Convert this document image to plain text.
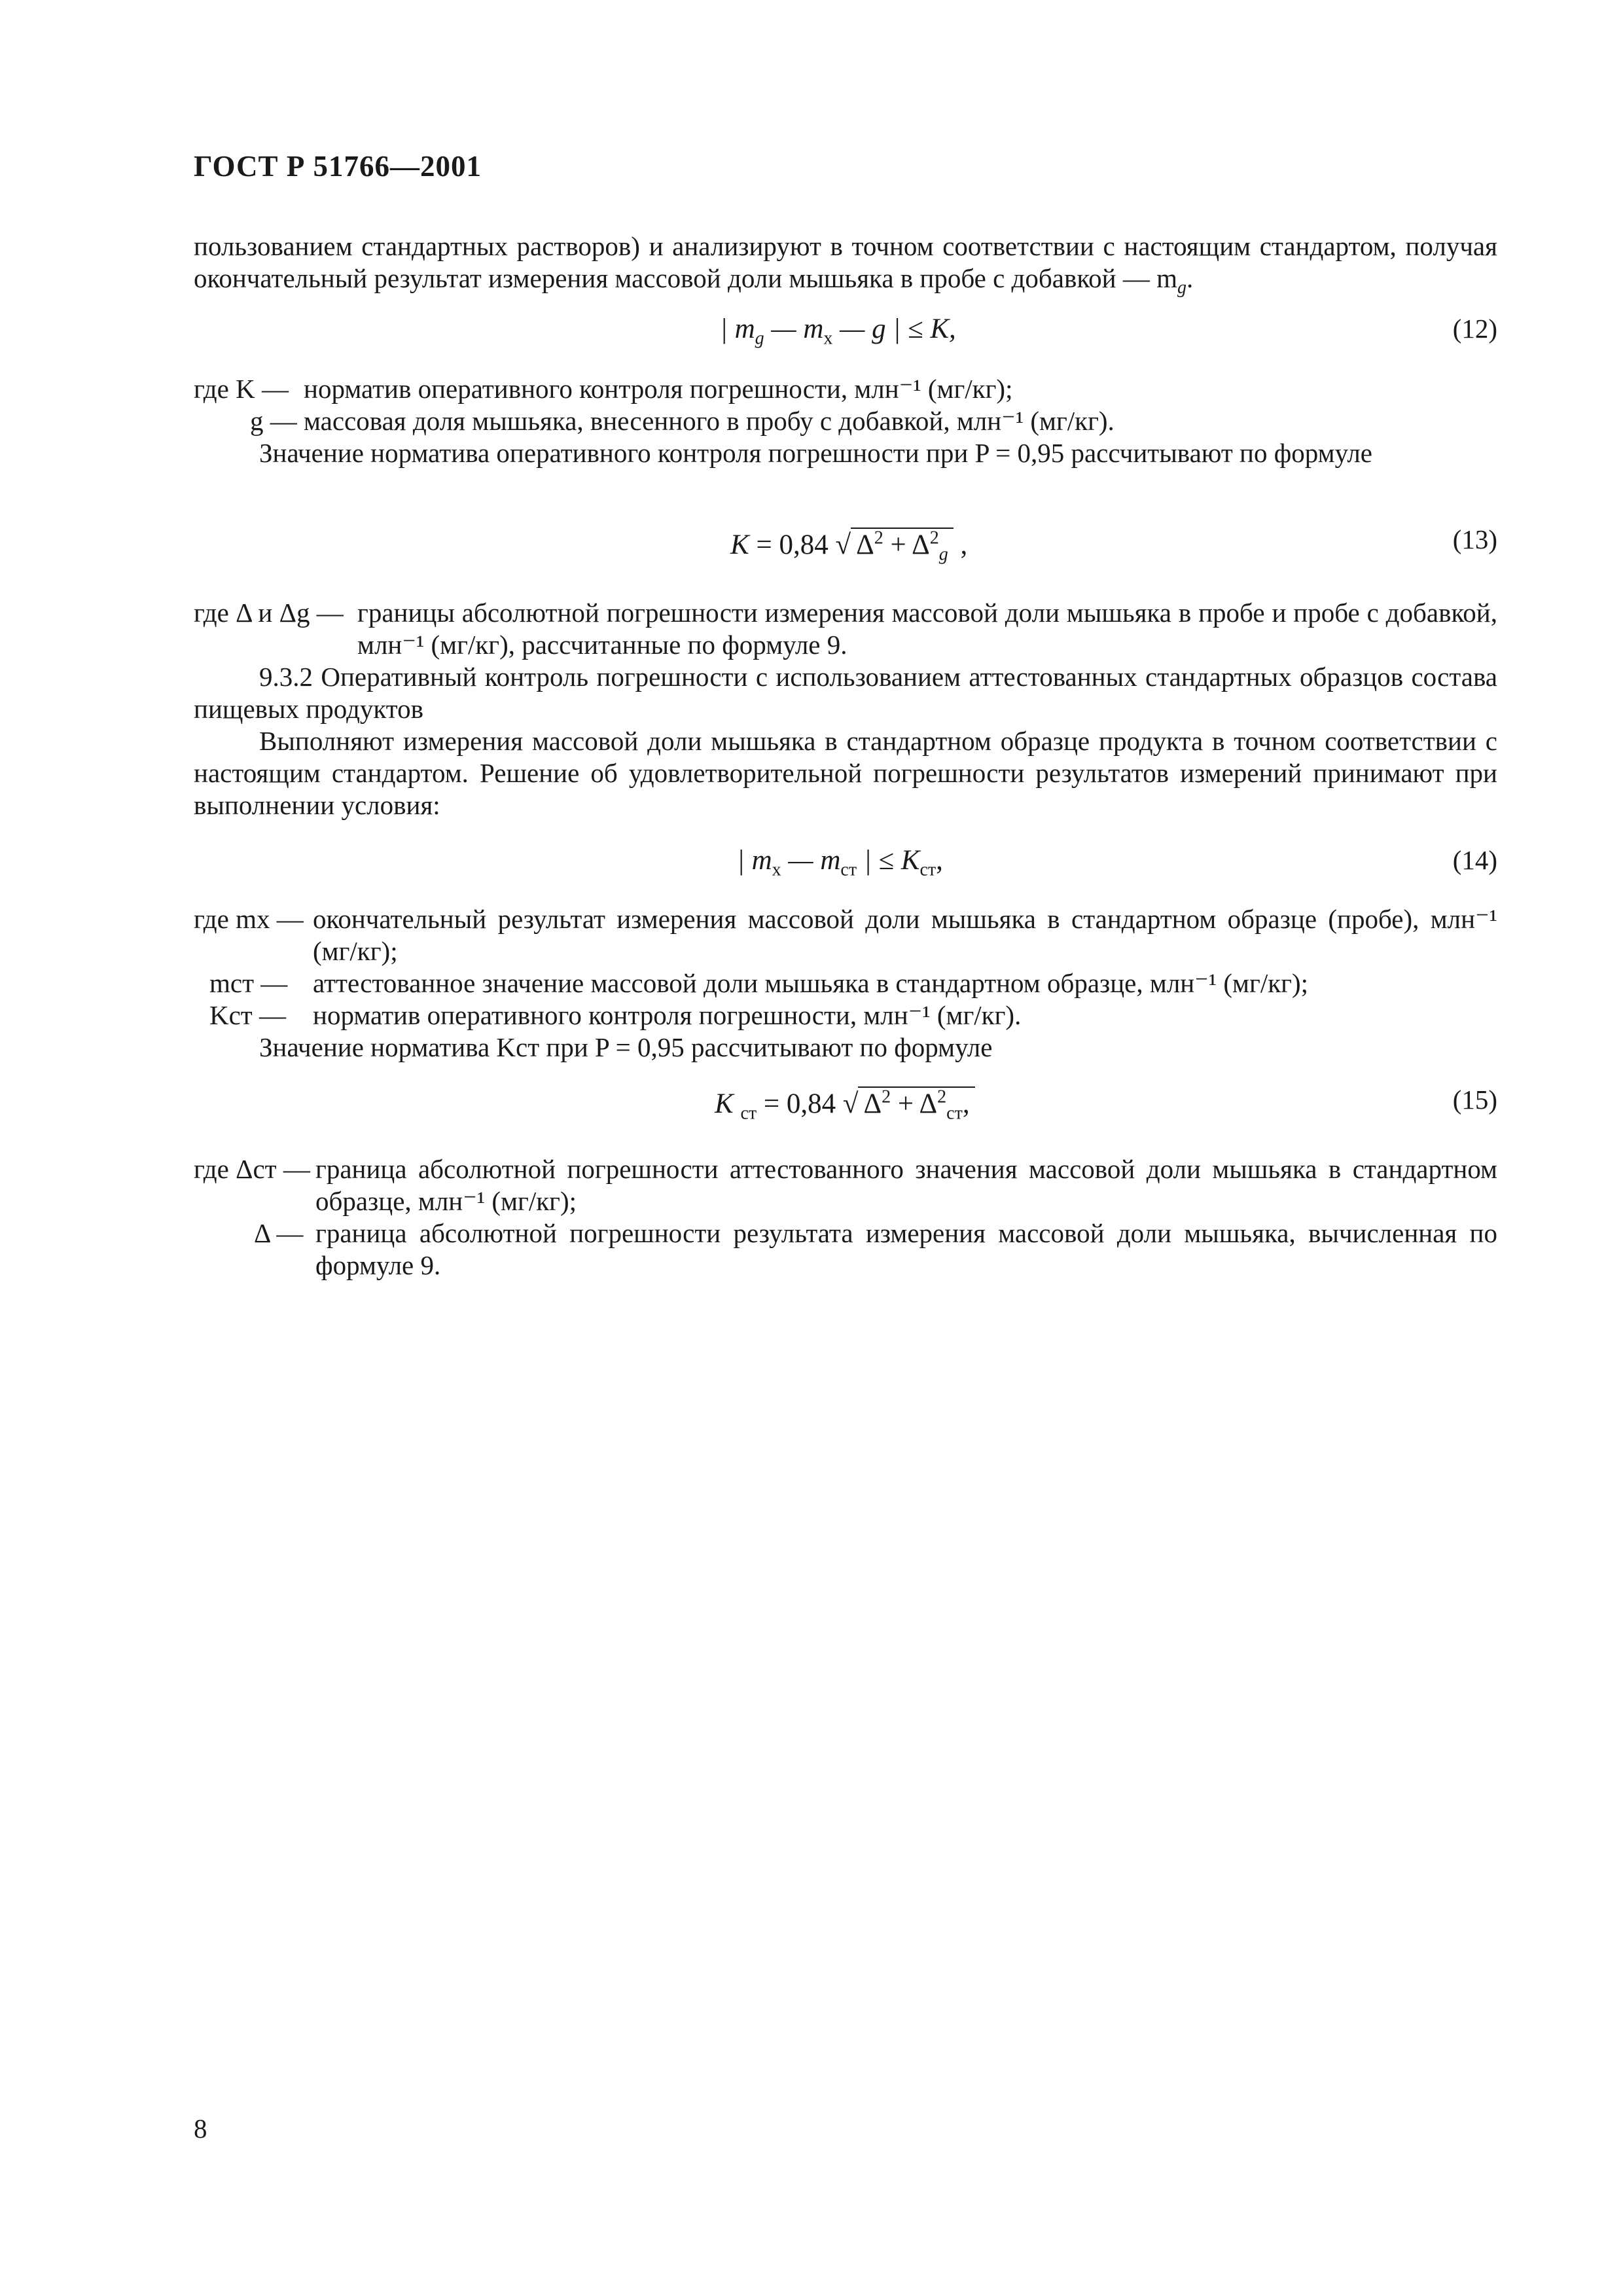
ГОСТ Р 51766—2001
пользованием стандартных растворов) и анализируют в точном соответствии с настоящим стандартом, получая окончательный результат измерения массовой доли мышьяка в пробе с добавкой — $m_g$.
| $m_g$ — $m_х$ — g | ≤ K,	(12)
где K — норматив оперативного контроля погрешности, млн⁻¹ (мг/кг);
g — массовая доля мышьяка, внесенного в пробу с добавкой, млн⁻¹ (мг/кг).
Значение норматива оперативного контроля погрешности при P = 0,95 рассчитывают по формуле
K = 0,84 √ $\Delta^2 + \Delta^2_g$ ,	(13)
где Δ и Δg — границы абсолютной погрешности измерения массовой доли мышьяка в пробе и пробе с добавкой, млн⁻¹ (мг/кг), рассчитанные по формуле 9.
9.3.2 Оперативный контроль погрешности с использованием аттестованных стандартных образцов состава пищевых продуктов
Выполняют измерения массовой доли мышьяка в стандартном образце продукта в точном соответствии с настоящим стандартом. Решение об удовлетворительной погрешности результатов измерений принимают при выполнении условия:
| $m_х$ — $m_{ст}$ | ≤ $K_{ст}$,	(14)
где mx — окончательный результат измерения массовой доли мышьяка в стандартном образце (пробе), млн⁻¹ (мг/кг);
mст — аттестованное значение массовой доли мышьяка в стандартном образце, млн⁻¹ (мг/кг);
Kст — норматив оперативного контроля погрешности, млн⁻¹ (мг/кг).
Значение норматива Kст при P = 0,95 рассчитывают по формуле
K $_{ст}$ = 0,84 √ $\Delta^2 + \Delta^2_{ст}$,	(15)
где Δст — граница абсолютной погрешности аттестованного значения массовой доли мышьяка в стандартном образце, млн⁻¹ (мг/кг);
Δ — граница абсолютной погрешности результата измерения массовой доли мышьяка, вычисленная по формуле 9.
8
